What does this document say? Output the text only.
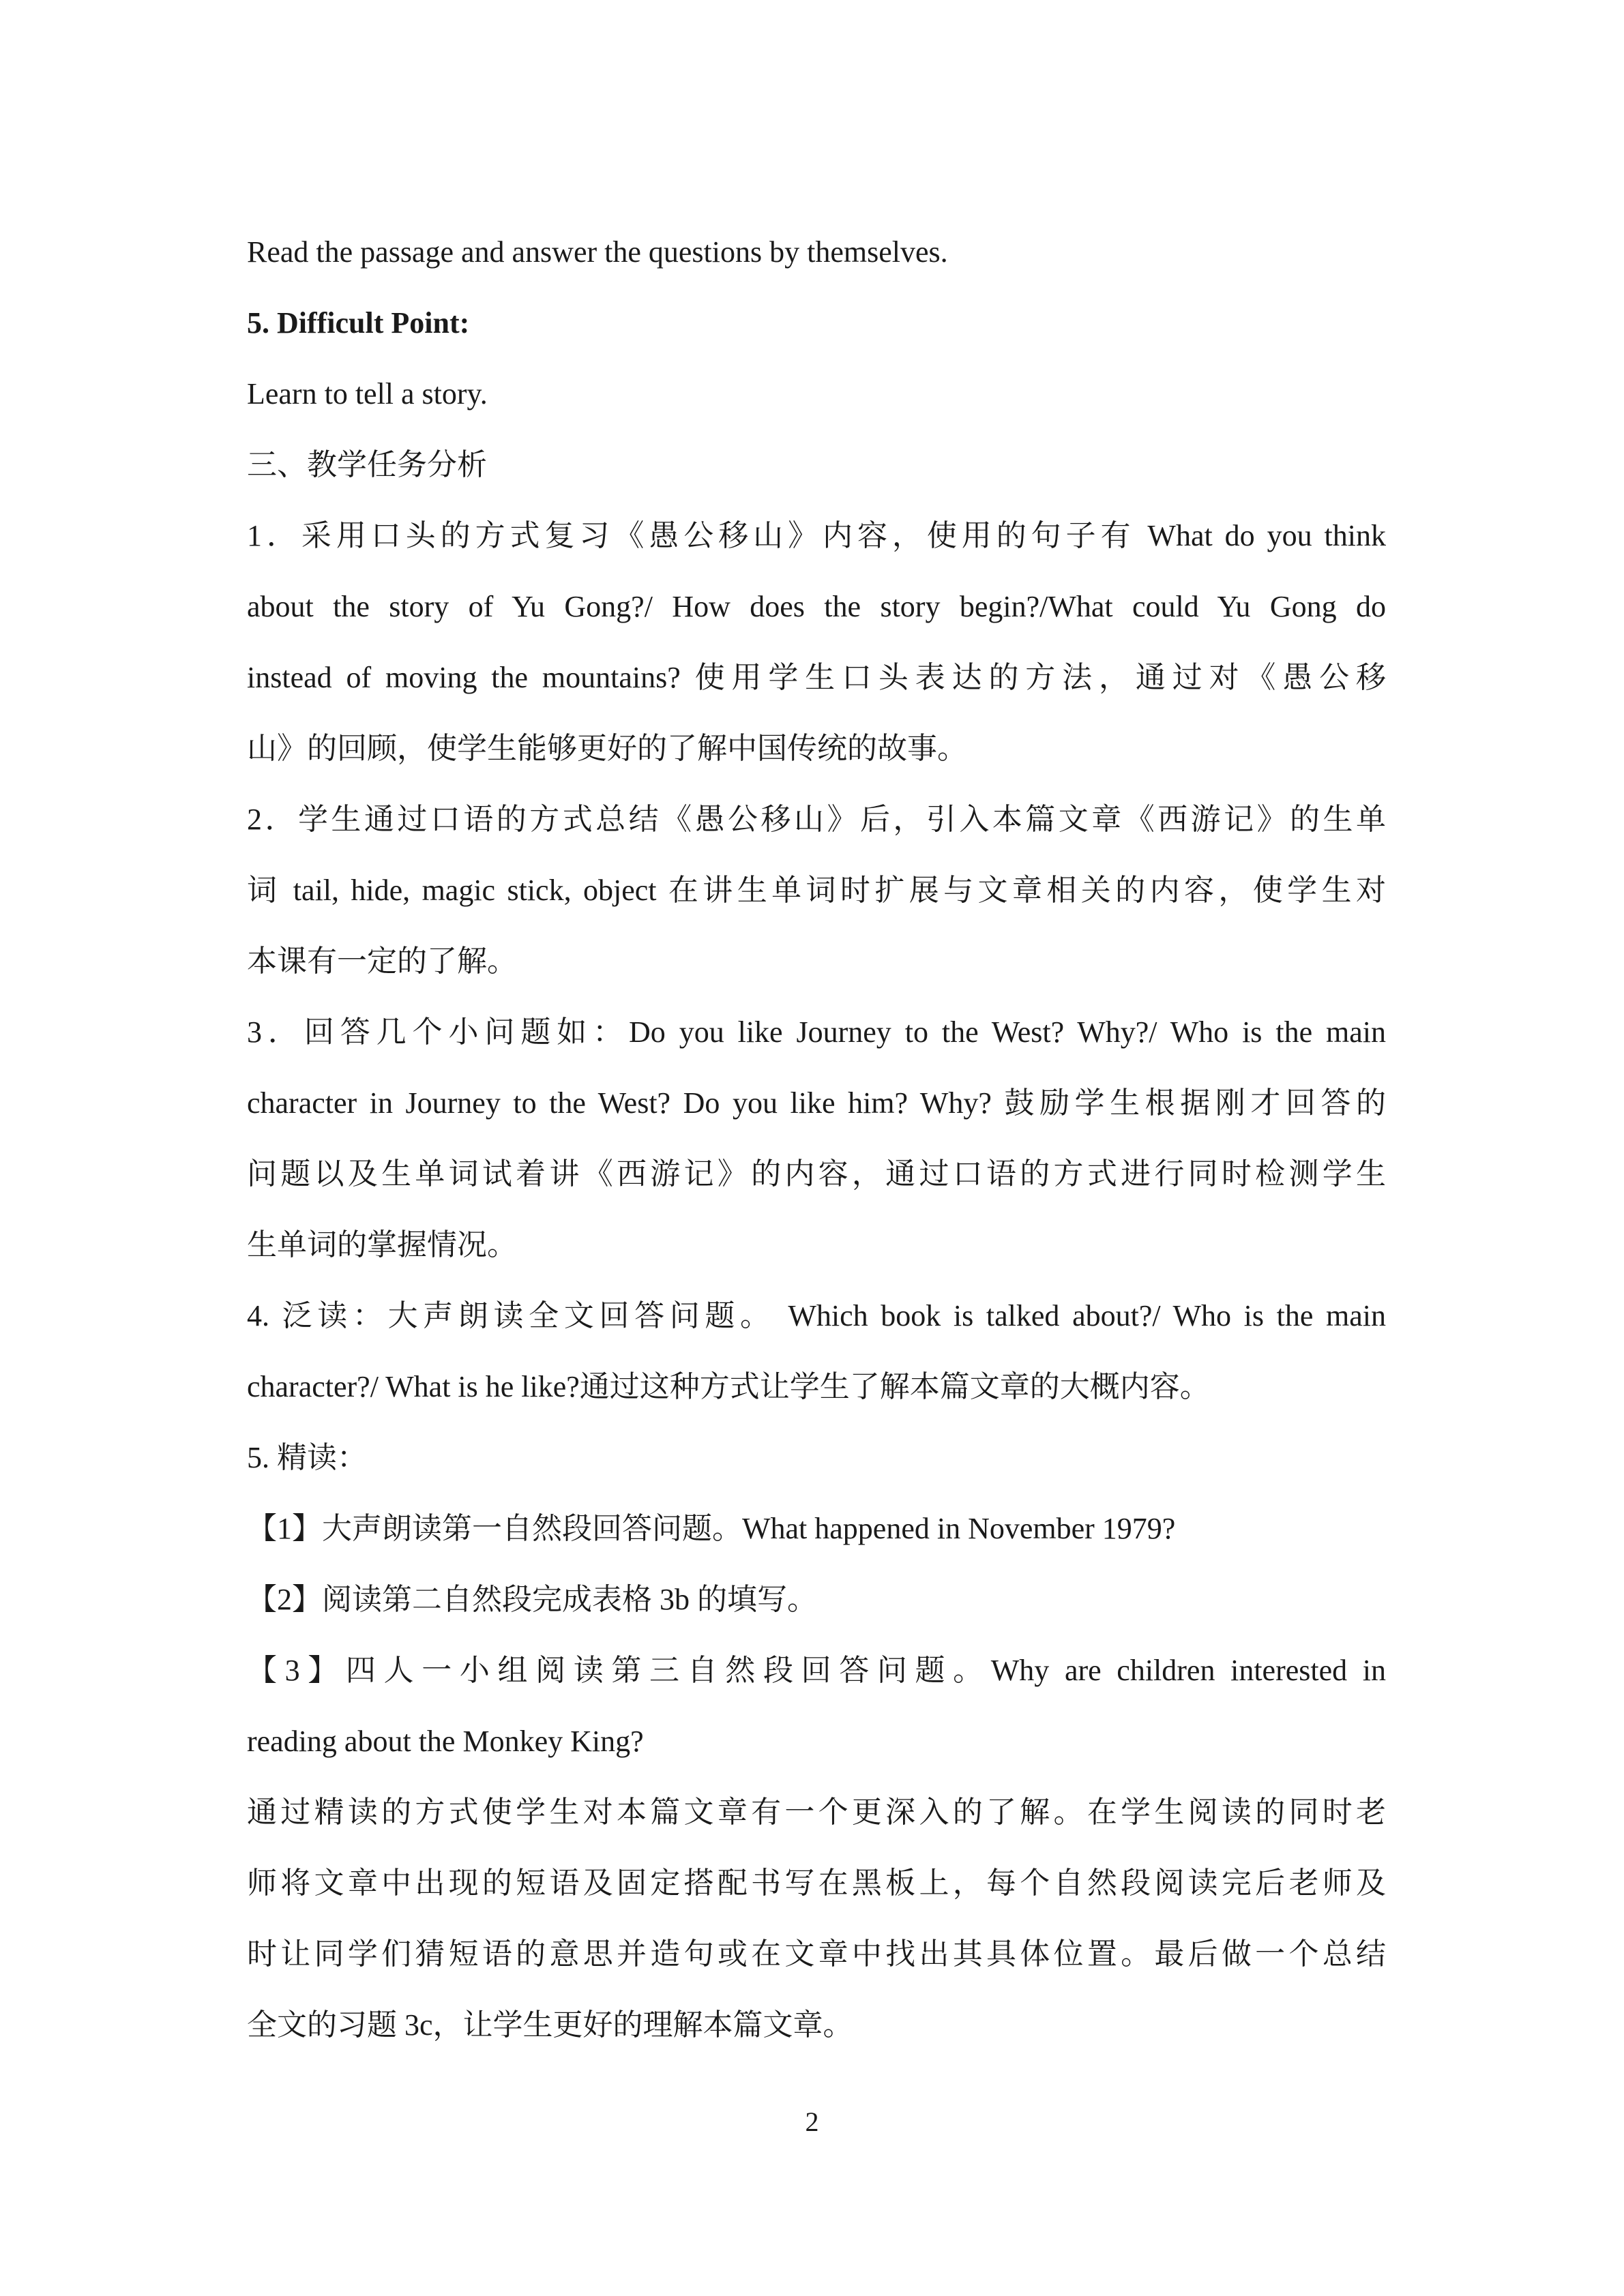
Read the passage and answer the questions by themselves.
5. Difficult Point:
Learn to tell a story.
三、教学任务分析
1．采用口头的方式复习《愚公移山》内容，使用的句子有 What do you think
about the story of Yu Gong?/ How does the story begin?/What could Yu Gong do
instead of moving the mountains? 使用学生口头表达的方法，通过对《愚公移
山》的回顾，使学生能够更好的了解中国传统的故事。
2．学生通过口语的方式总结《愚公移山》后，引入本篇文章《西游记》的生单
词 tail, hide, magic stick, object 在讲生单词时扩展与文章相关的内容，使学生对
本课有一定的了解。
3．回答几个小问题如：Do you like Journey to the West? Why?/ Who is the main
character in Journey to the West? Do you like him? Why? 鼓励学生根据刚才回答的
问题以及生单词试着讲《西游记》的内容，通过口语的方式进行同时检测学生
生单词的掌握情况。
4. 泛读：大声朗读全文回答问题。 Which book is talked about?/ Who is the main
character?/ What is he like?通过这种方式让学生了解本篇文章的大概内容。
5. 精读：
【1】大声朗读第一自然段回答问题。What happened in November 1979?
【2】阅读第二自然段完成表格 3b 的填写。
【3】四人一小组阅读第三自然段回答问题。Why are children interested in
reading about the Monkey King?
通过精读的方式使学生对本篇文章有一个更深入的了解。在学生阅读的同时老
师将文章中出现的短语及固定搭配书写在黑板上，每个自然段阅读完后老师及
时让同学们猜短语的意思并造句或在文章中找出其具体位置。最后做一个总结
全文的习题 3c，让学生更好的理解本篇文章。
2
